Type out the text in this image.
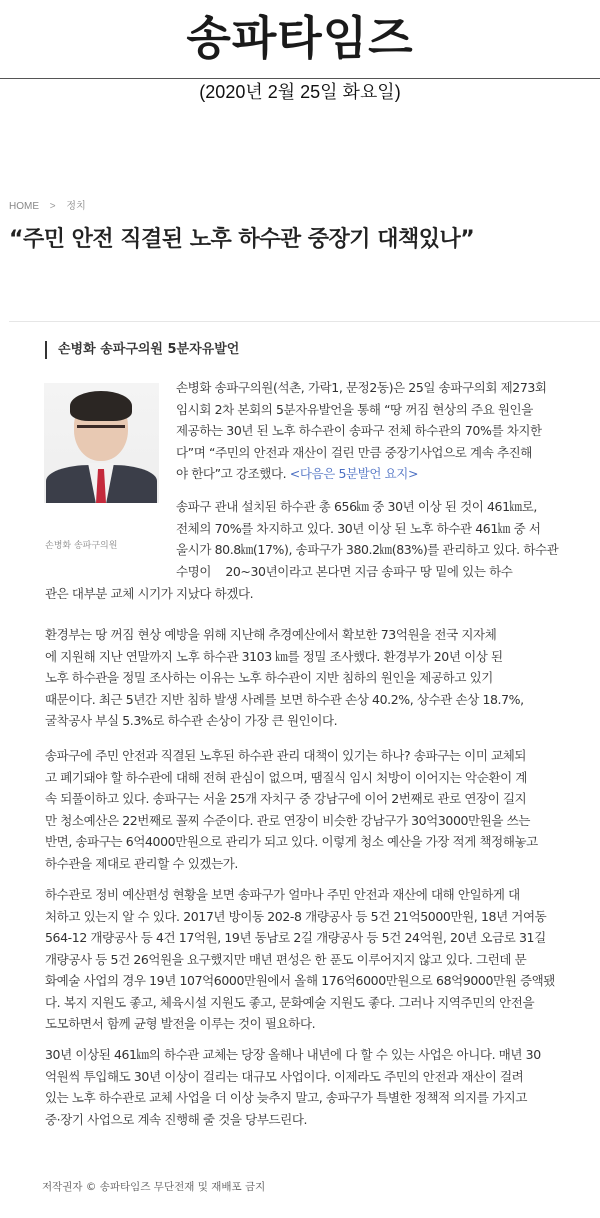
송파타임즈
(2020년 2월 25일 화요일)
HOME > 정치
“주민 안전 직결된 노후 하수관 중장기 대책있나”
손병화 송파구의원 5분자유발언
손병화 송파구의원
손병화 송파구의원(석촌, 가락1, 문정2동)은 25일 송파구의회 제273회
임시회 2차 본회의 5분자유발언을 통해 “땅 꺼짐 현상의 주요 원인을
제공하는 30년 된 노후 하수관이 송파구 전체 하수관의 70%를 차지한
다”며 “주민의 안전과 재산이 걸린 만큼 중장기사업으로 계속 추진해
야 한다”고 강조했다. <다음은 5분발언 요지>
송파구 관내 설치된 하수관 총 656㎞ 중 30년 이상 된 것이 461㎞로,
전체의 70%를 차지하고 있다. 30년 이상 된 노후 하수관 461㎞ 중 서
울시가 80.8㎞(17%), 송파구가 380.2㎞(83%)를 관리하고 있다. 하수관
수명이    20~30년이라고 본다면 지금 송파구 땅 밑에 있는 하수
관은 대부분 교체 시기가 지났다 하겠다.
환경부는 땅 꺼짐 현상 예방을 위해 지난해 추경예산에서 확보한 73억원을 전국 지자체
에 지원해 지난 연말까지 노후 하수관 3103 ㎞를 정밀 조사했다. 환경부가 20년 이상 된
노후 하수관을 정밀 조사하는 이유는 노후 하수관이 지반 침하의 원인을 제공하고 있기
때문이다. 최근 5년간 지반 침하 발생 사례를 보면 하수관 손상 40.2%, 상수관 손상 18.7%,
굴착공사 부실 5.3%로 하수관 손상이 가장 큰 원인이다.
송파구에 주민 안전과 직결된 노후된 하수관 관리 대책이 있기는 하나? 송파구는 이미 교체되
고 폐기돼야 할 하수관에 대해 전혀 관심이 없으며, 땜질식 임시 처방이 이어지는 악순환이 계
속 되풀이하고 있다. 송파구는 서울 25개 자치구 중 강남구에 이어 2번째로 관로 연장이 길지
만 청소예산은 22번째로 꼴찌 수준이다. 관로 연장이 비슷한 강남구가 30억3000만원을 쓰는
반면, 송파구는 6억4000만원으로 관리가 되고 있다. 이렇게 청소 예산을 가장 적게 책정해놓고
하수관을 제대로 관리할 수 있겠는가.
하수관로 정비 예산편성 현황을 보면 송파구가 얼마나 주민 안전과 재산에 대해 안일하게 대
처하고 있는지 알 수 있다. 2017년 방이동 202-8 개량공사 등 5건 21억5000만원, 18년 거여동
564-12 개량공사 등 4건 17억원, 19년 동남로 2길 개량공사 등 5건 24억원, 20년 오금로 31길
개량공사 등 5건 26억원을 요구했지만 매년 편성은 한 푼도 이루어지지 않고 있다. 그런데 문
화예술 사업의 경우 19년 107억6000만원에서 올해 176억6000만원으로 68억9000만원 증액됐
다. 복지 지원도 좋고, 체육시설 지원도 좋고, 문화예술 지원도 좋다. 그러나 지역주민의 안전을
도모하면서 함께 균형 발전을 이루는 것이 필요하다.
30년 이상된 461㎞의 하수관 교체는 당장 올해나 내년에 다 할 수 있는 사업은 아니다. 매년 30
억원씩 투입해도 30년 이상이 걸리는 대규모 사업이다. 이제라도 주민의 안전과 재산이 걸려
있는 노후 하수관로 교체 사업을 더 이상 늦추지 말고, 송파구가 특별한 정책적 의지를 가지고
중·장기 사업으로 계속 진행해 줄 것을 당부드린다.
저작권자 © 송파타임즈 무단전재 및 재배포 금지
